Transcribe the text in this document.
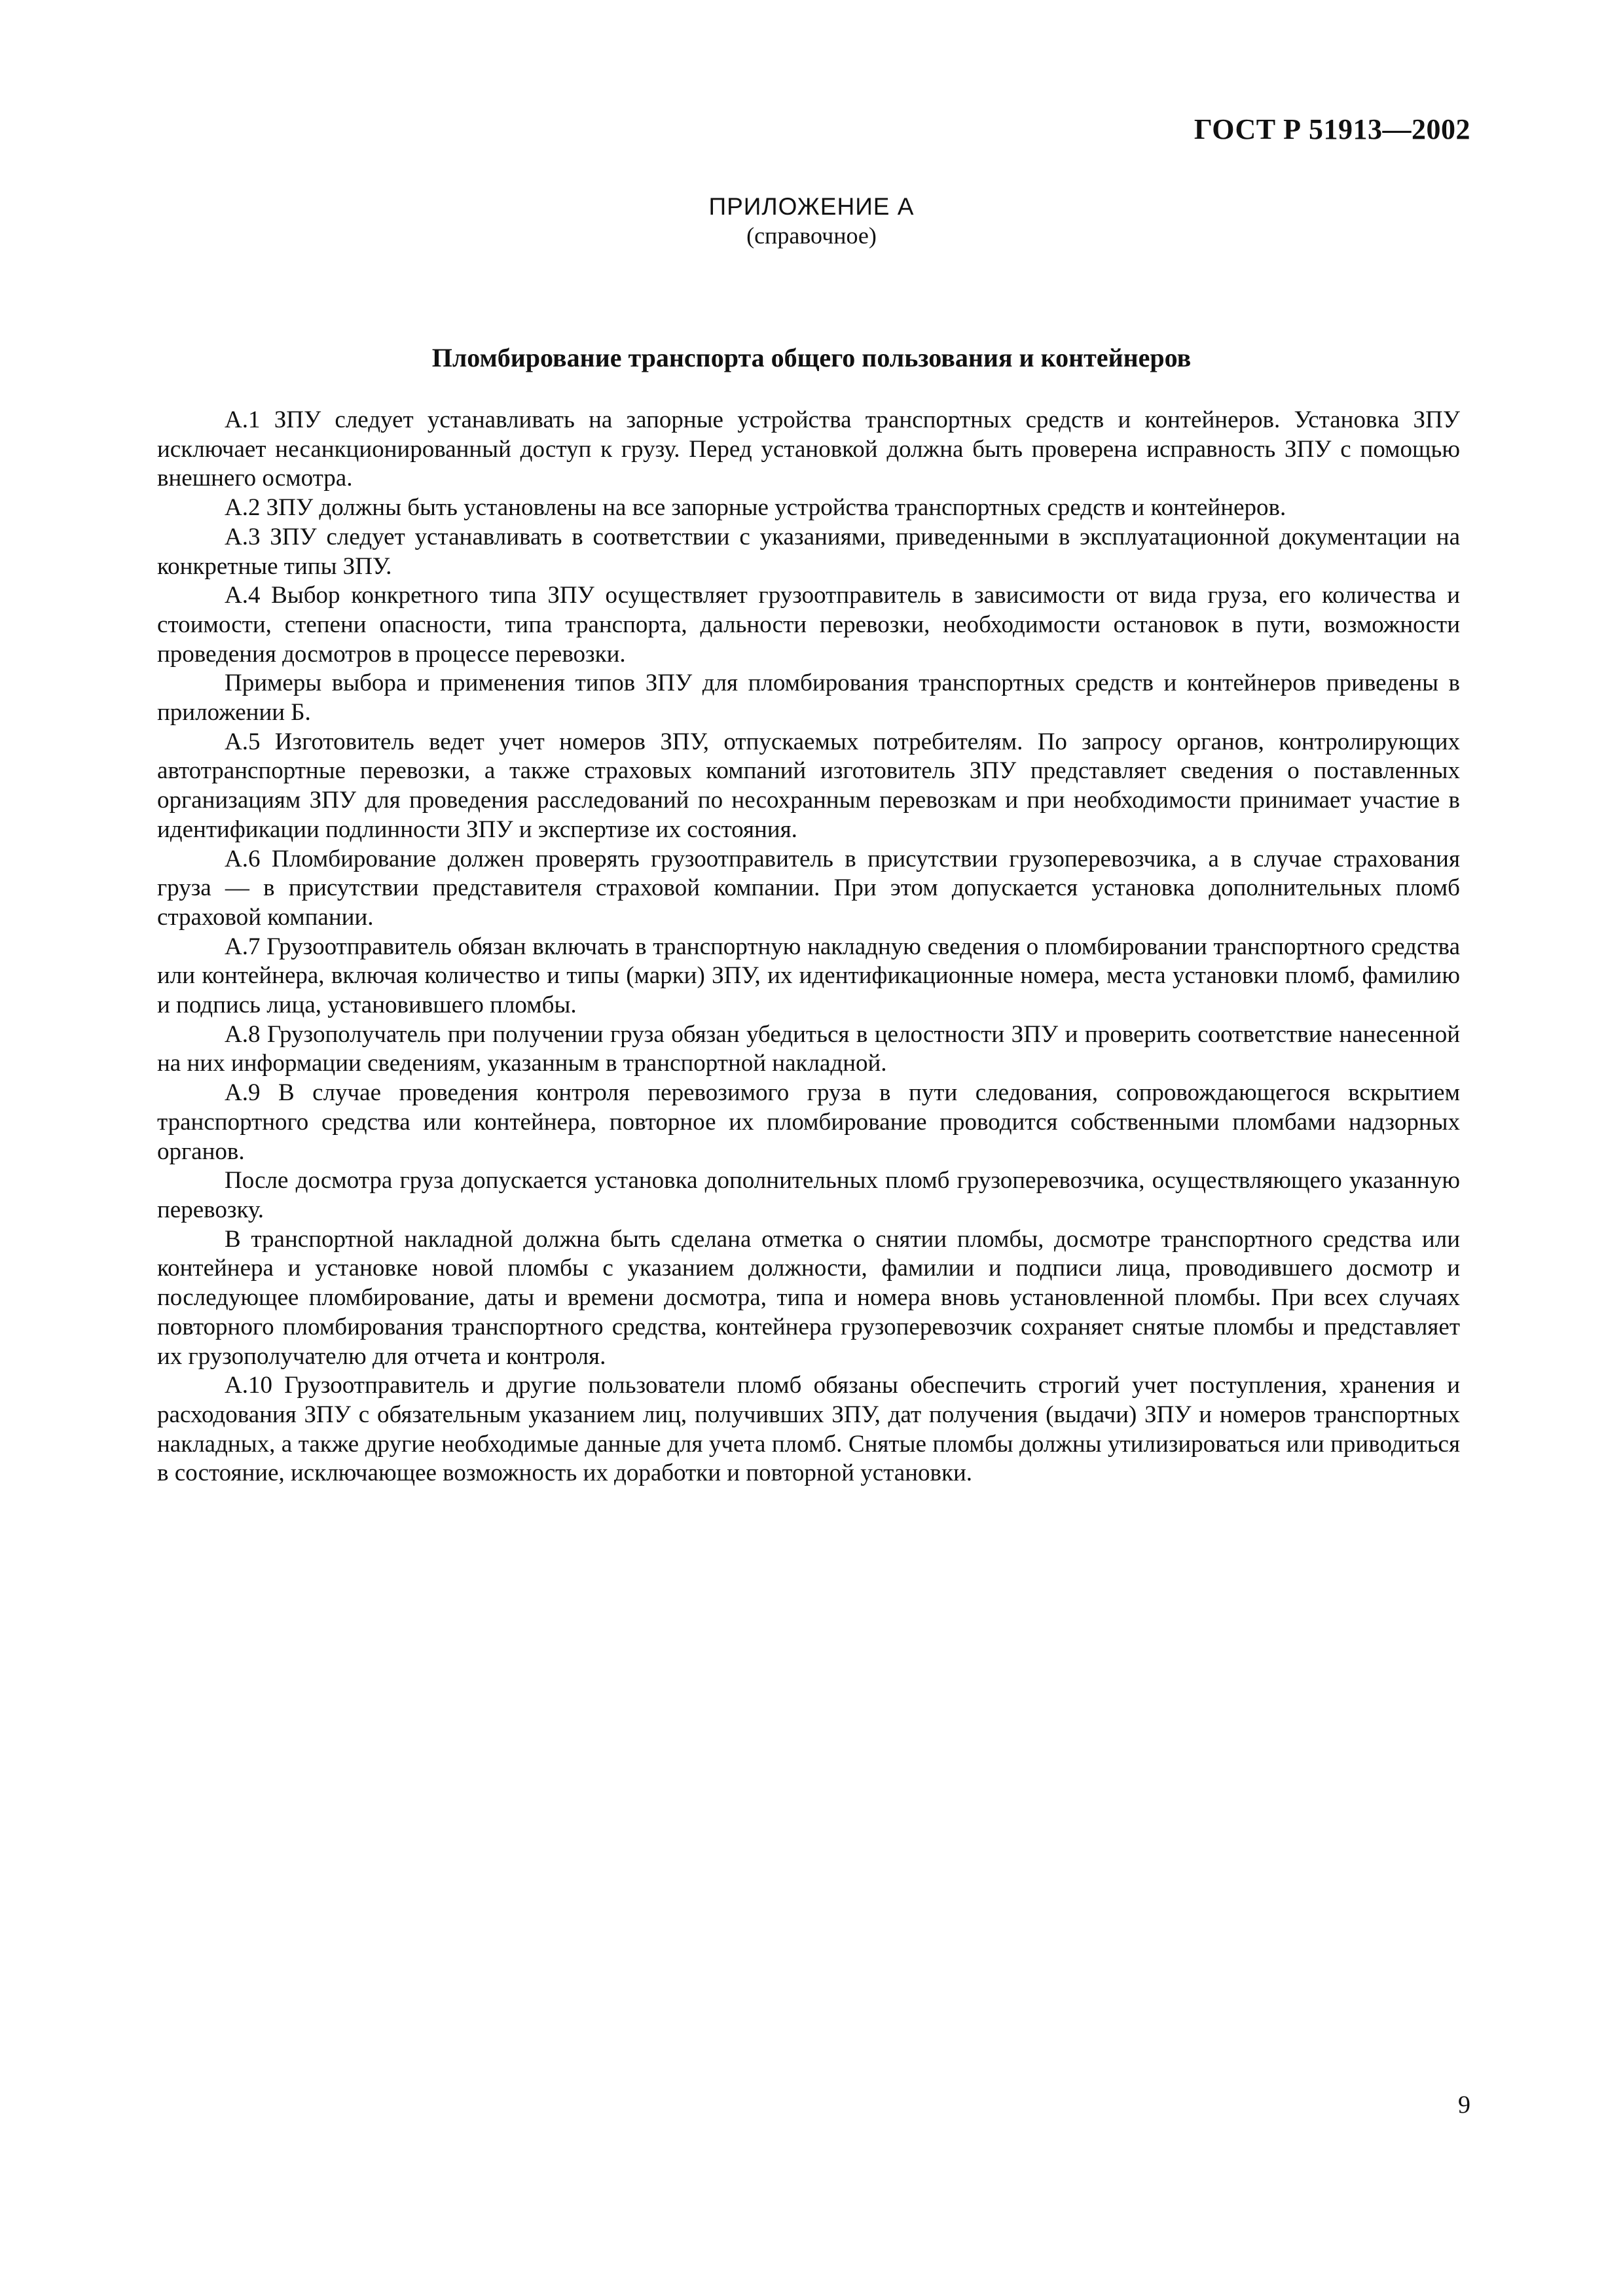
ГОСТ Р 51913—2002
ПРИЛОЖЕНИЕ А
(справочное)
Пломбирование транспорта общего пользования и контейнеров

А.1 ЗПУ следует устанавливать на запорные устройства транспортных средств и контейнеров. Установка ЗПУ исключает несанкционированный доступ к грузу. Перед установкой должна быть проверена исправность ЗПУ с помощью внешнего осмотра.

А.2 ЗПУ должны быть установлены на все запорные устройства транспортных средств и контейнеров.

А.3 ЗПУ следует устанавливать в соответствии с указаниями, приведенными в эксплуатационной документации на конкретные типы ЗПУ.

А.4 Выбор конкретного типа ЗПУ осуществляет грузоотправитель в зависимости от вида груза, его количества и стоимости, степени опасности, типа транспорта, дальности перевозки, необходимости остановок в пути, возможности проведения досмотров в процессе перевозки.

Примеры выбора и применения типов ЗПУ для пломбирования транспортных средств и контейнеров приведены в приложении Б.

А.5 Изготовитель ведет учет номеров ЗПУ, отпускаемых потребителям. По запросу органов, контролирующих автотранспортные перевозки, а также страховых компаний изготовитель ЗПУ представляет сведения о поставленных организациям ЗПУ для проведения расследований по несохранным перевозкам и при необходимости принимает участие в идентификации подлинности ЗПУ и экспертизе их состояния.

А.6 Пломбирование должен проверять грузоотправитель в присутствии грузоперевозчика, а в случае страхования груза — в присутствии представителя страховой компании. При этом допускается установка дополнительных пломб страховой компании.

А.7 Грузоотправитель обязан включать в транспортную накладную сведения о пломбировании транспортного средства или контейнера, включая количество и типы (марки) ЗПУ, их идентификационные номера, места установки пломб, фамилию и подпись лица, установившего пломбы.

А.8 Грузополучатель при получении груза обязан убедиться в целостности ЗПУ и проверить соответствие нанесенной на них информации сведениям, указанным в транспортной накладной.

А.9 В случае проведения контроля перевозимого груза в пути следования, сопровождающегося вскрытием транспортного средства или контейнера, повторное их пломбирование проводится собственными пломбами надзорных органов.

После досмотра груза допускается установка дополнительных пломб грузоперевозчика, осуществляющего указанную перевозку.

В транспортной накладной должна быть сделана отметка о снятии пломбы, досмотре транспортного средства или контейнера и установке новой пломбы с указанием должности, фамилии и подписи лица, проводившего досмотр и последующее пломбирование, даты и времени досмотра, типа и номера вновь установленной пломбы. При всех случаях повторного пломбирования транспортного средства, контейнера грузоперевозчик сохраняет снятые пломбы и представляет их грузополучателю для отчета и контроля.

А.10 Грузоотправитель и другие пользователи пломб обязаны обеспечить строгий учет поступления, хранения и расходования ЗПУ с обязательным указанием лиц, получивших ЗПУ, дат получения (выдачи) ЗПУ и номеров транспортных накладных, а также другие необходимые данные для учета пломб. Снятые пломбы должны утилизироваться или приводиться в состояние, исключающее возможность их доработки и повторной установки.

9
